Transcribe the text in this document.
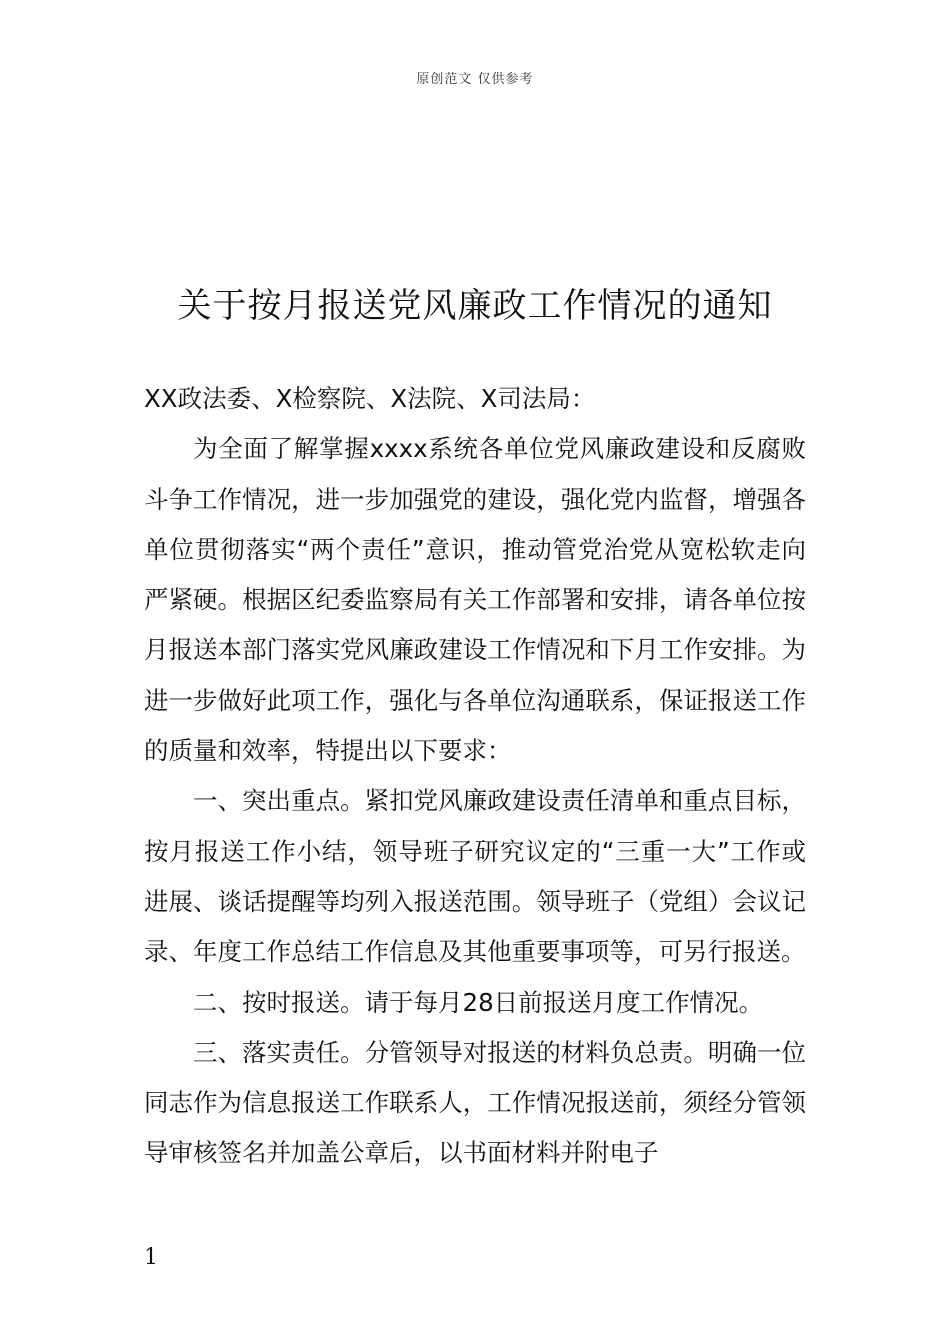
原创范文 仅供参考
关于按月报送党风廉政工作情况的通知

XX政法委、X检察院、X法院、X司法局：

为全面了解掌握xxxx系统各单位党风廉政建设和反腐败斗争工作情况，进一步加强党的建设，强化党内监督，增强各单位贯彻落实“两个责任”意识，推动管党治党从宽松软走向严紧硬。根据区纪委监察局有关工作部署和安排，请各单位按月报送本部门落实党风廉政建设工作情况和下月工作安排。为进一步做好此项工作，强化与各单位沟通联系，保证报送工作的质量和效率，特提出以下要求：

一、突出重点。紧扣党风廉政建设责任清单和重点目标，按月报送工作小结，领导班子研究议定的“三重一大”工作或进展、谈话提醒等均列入报送范围。领导班子（党组）会议记录、年度工作总结工作信息及其他重要事项等，可另行报送。

二、按时报送。请于每月28日前报送月度工作情况。

三、落实责任。分管领导对报送的材料负总责。明确一位同志作为信息报送工作联系人，工作情况报送前，须经分管领导审核签名并加盖公章后，以书面材料并附电子

1
